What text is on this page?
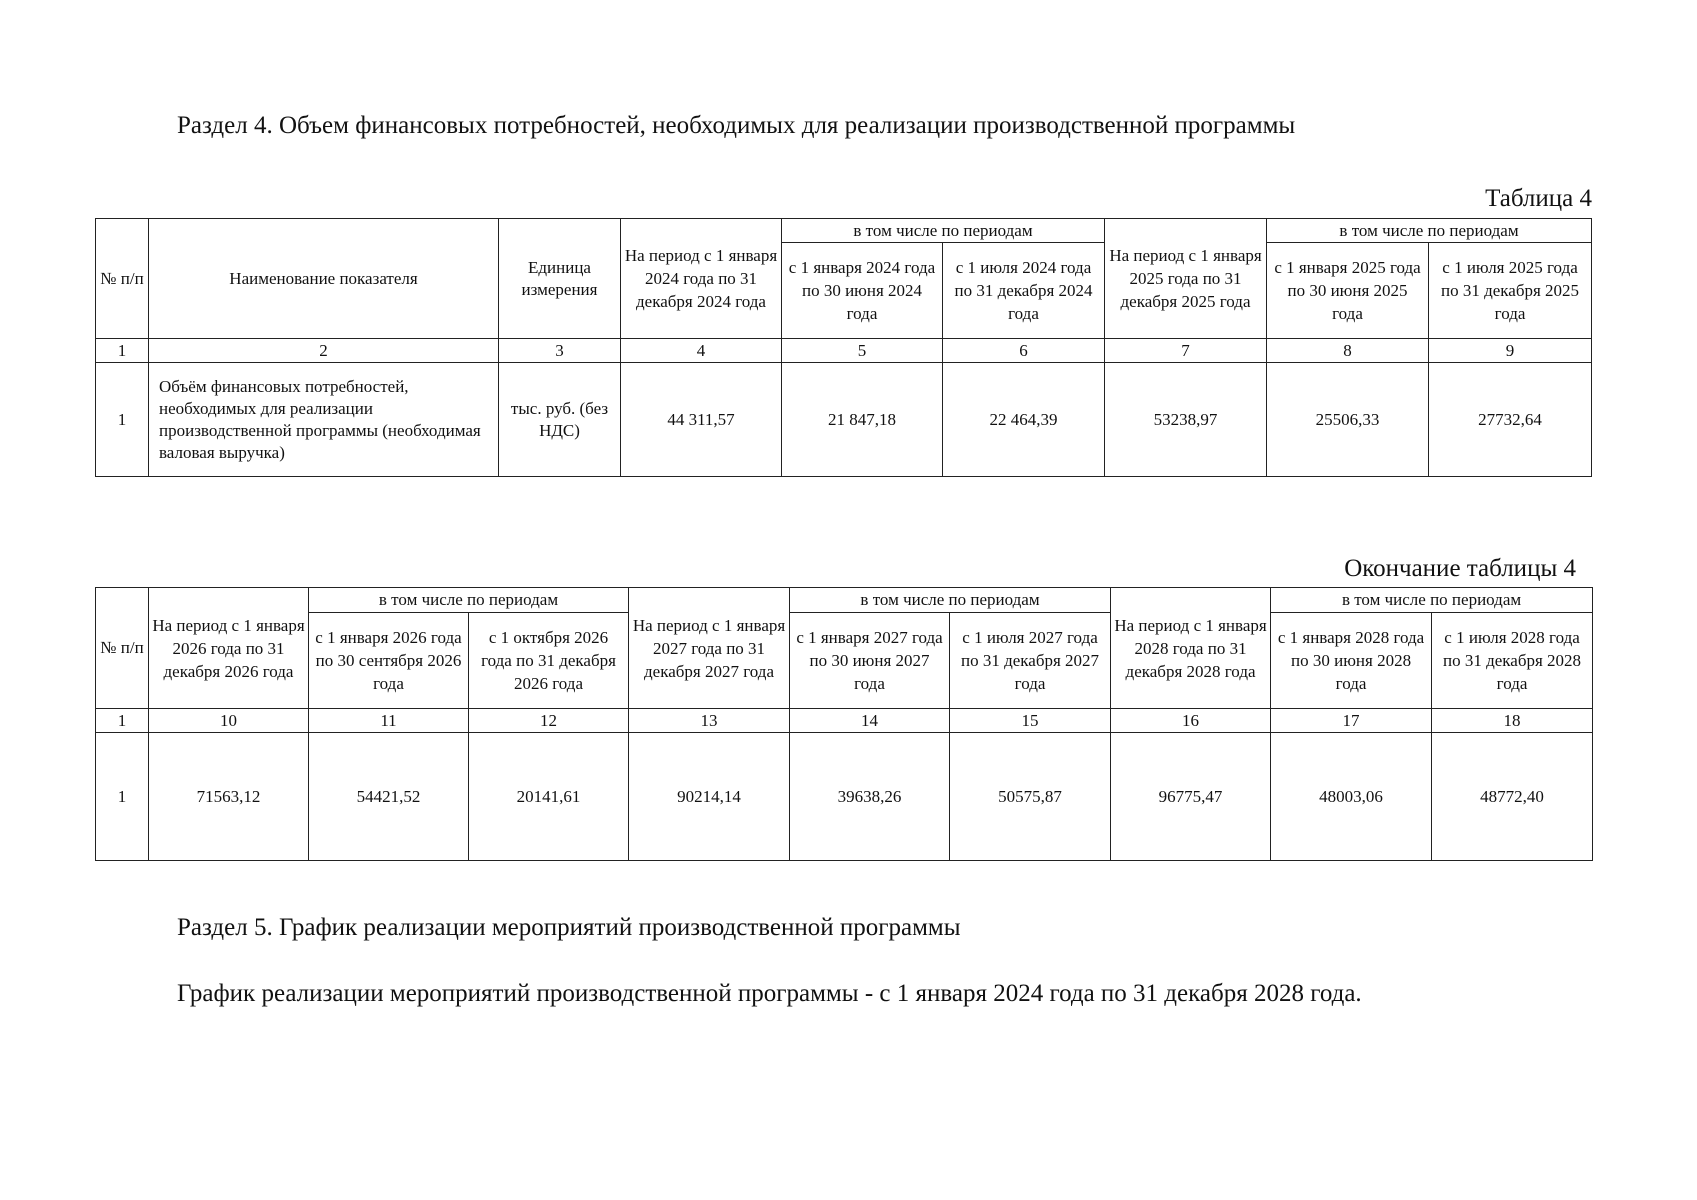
Раздел 4. Объем финансовых потребностей, необходимых для реализации производственной программы
Таблица 4
№ п/п	Наименование показателя	Единица измерения	На период с 1 января 2024 года по 31 декабря 2024 года	в том числе по периодам		На период с 1 января 2025 года по 31 декабря 2025 года	в том числе по периодам	
				с 1 января 2024 года по 30 июня 2024 года	с 1 июля 2024 года по 31 декабря 2024 года		с 1 января 2025 года по 30 июня 2025 года	с 1 июля 2025 года по 31 декабря 2025 года
1	2	3	4	5	6	7	8	9
1	Объём финансовых потребностей, необходимых для реализации производственной программы (необходимая валовая выручка)	тыс. руб. (без НДС)	44 311,57	21 847,18	22 464,39	53238,97	25506,33	27732,64
Окончание таблицы 4
№ п/п	На период с 1 января 2026 года по 31 декабря 2026 года	в том числе по периодам		На период с 1 января 2027 года по 31 декабря 2027 года	в том числе по периодам		На период с 1 января 2028 года по 31 декабря 2028 года	в том числе по периодам	
		с 1 января 2026 года по 30 сентября 2026 года	с 1 октября 2026 года по 31 декабря 2026 года		с 1 января 2027 года по 30 июня 2027 года	с 1 июля 2027 года по 31 декабря 2027 года		с 1 января 2028 года по 30 июня 2028 года	с 1 июля 2028 года по 31 декабря 2028 года
1	10	11	12	13	14	15	16	17	18
1	71563,12	54421,52	20141,61	90214,14	39638,26	50575,87	96775,47	48003,06	48772,40
Раздел 5. График реализации мероприятий производственной программы
График реализации мероприятий производственной программы - с 1 января 2024 года по 31 декабря 2028 года.
